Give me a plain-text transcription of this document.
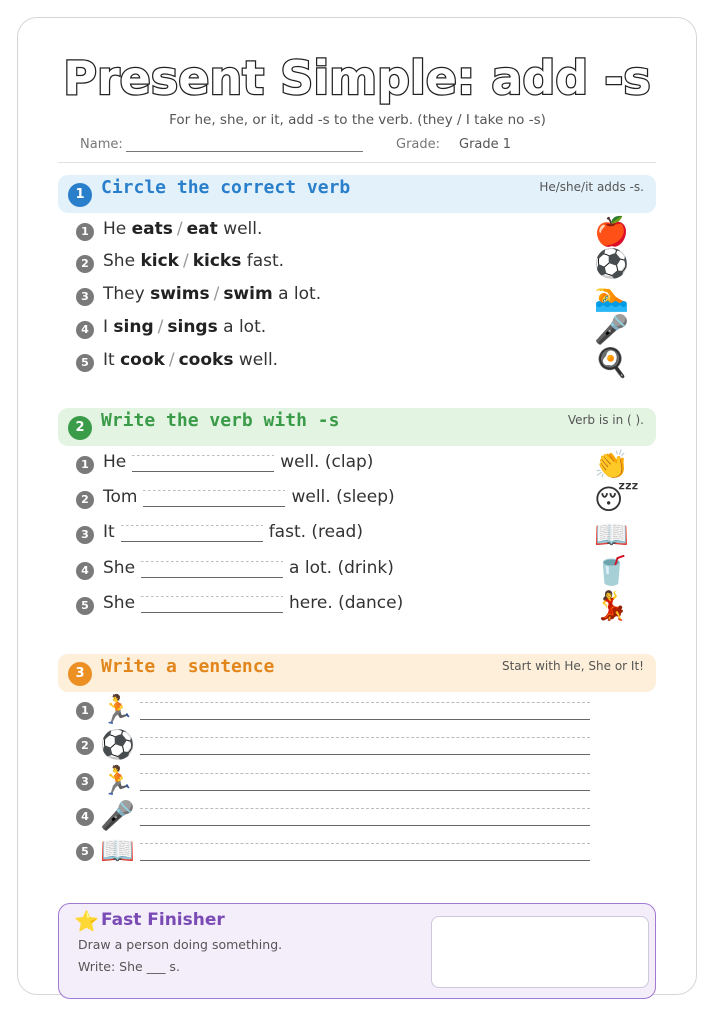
Present Simple: add -s
For he, she, or it, add -s to the verb. (they / I take no -s)
Name:	Grade: Grade 1
1 Circle the correct verb	He/she/it adds -s.
1 He eats / eat well.	🍎
2 She kick / kicks fast.	⚽
3 They swims / swim a lot.	🏊
4 I sing / sings a lot.	🎤
5 It cook / cooks well.	🍳
2 Write the verb with -s	Verb is in ( ).
1 He	well. (clap)	👏
2 Tom	well. (sleep)	😴
3 It	fast. (read)	📖
4 She	a lot. (drink)	🥤
5 She	here. (dance)	💃
3 Write a sentence	Start with He, She or It!
1 🏃
2 ⚽
3 🏃
4 🎤
5 📖
⭐ Fast Finisher
Draw a person doing something.
Write: She ___ s.
